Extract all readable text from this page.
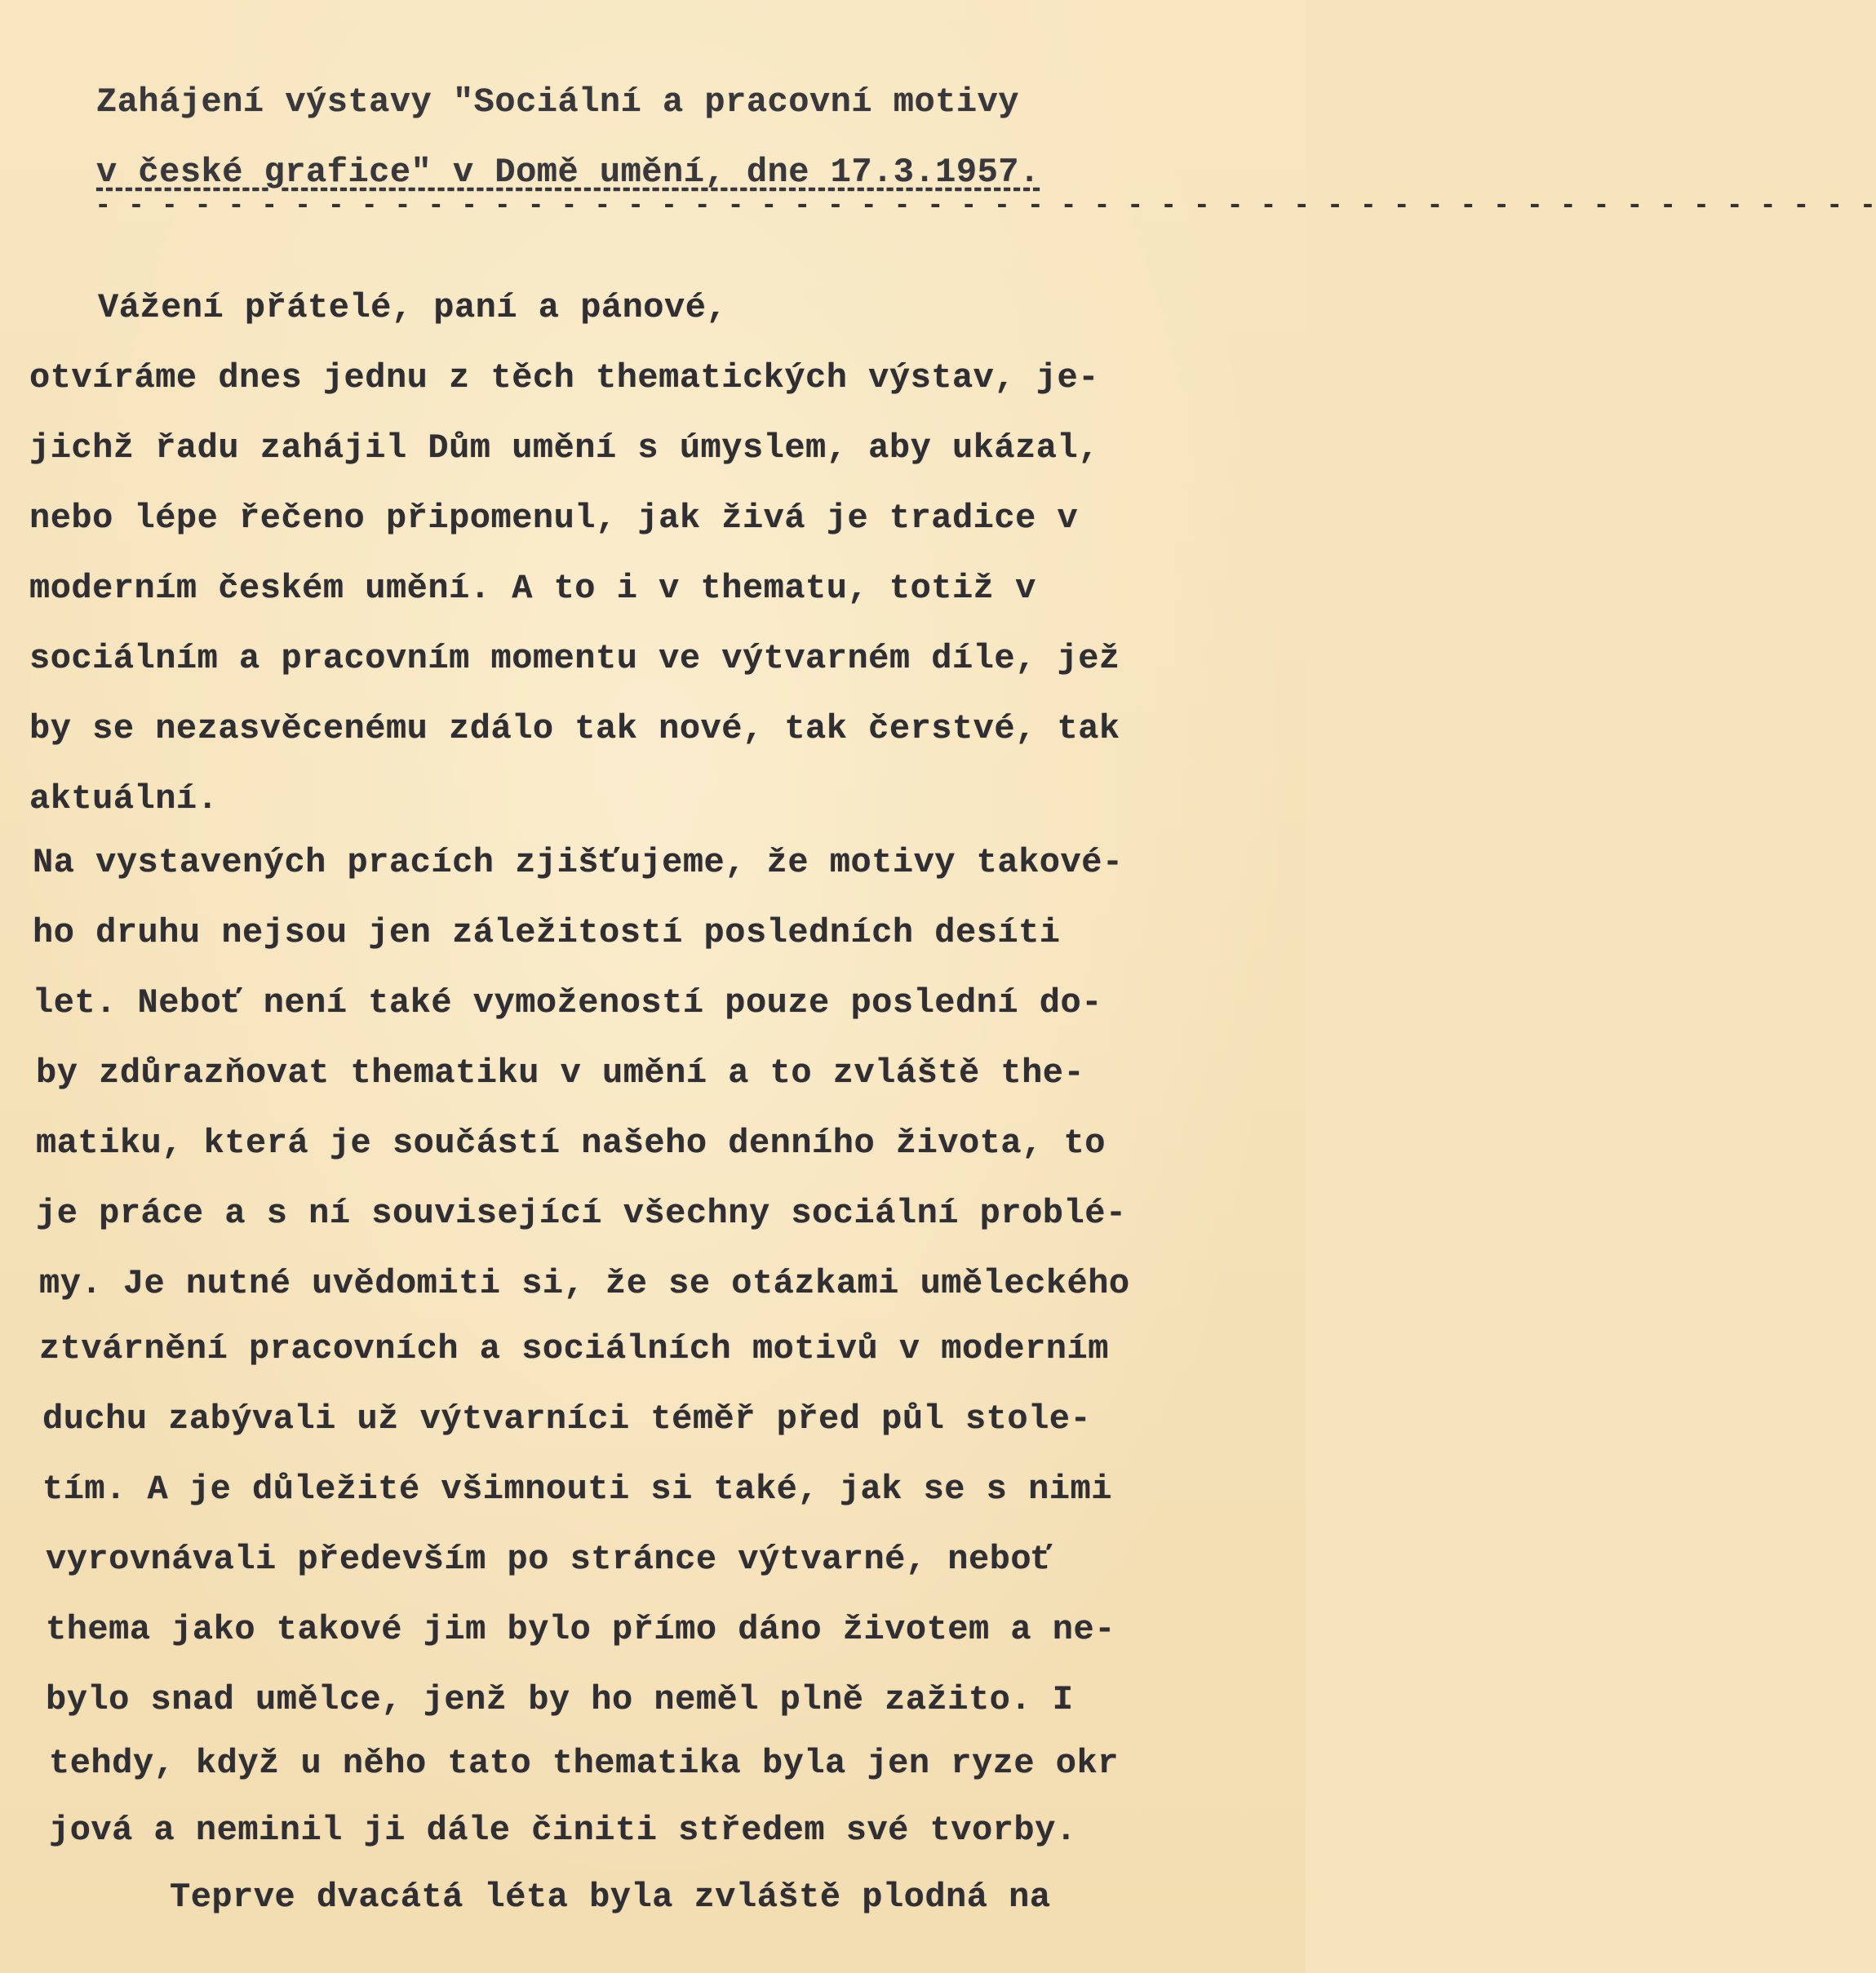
Zahájení výstavy "Sociální a pracovní motivy
v české grafice" v Domě umění, dne 17.3.1957.
- - - - - - - - - - - - - - - - - - - - - - - - - - - - - - - - - - - - - - - - - - - - - - - - - - - - - -
Vážení přátelé, paní a pánové,
otvíráme dnes jednu z těch thematických výstav, je-
jichž řadu zahájil Dům umění s úmyslem, aby ukázal,
nebo lépe řečeno připomenul, jak živá je tradice v
moderním českém umění. A to i v thematu, totiž v
sociálním a pracovním momentu ve výtvarném díle, jež
by se nezasvěcenému zdálo tak nové, tak čerstvé, tak
aktuální.
Na vystavených pracích zjišťujeme, že motivy takové-
ho druhu nejsou jen záležitostí posledních desíti
let. Neboť není také vymožeností pouze poslední do-
by zdůrazňovat thematiku v umění a to zvláště the-
matiku, která je součástí našeho denního života, to
je práce a s ní související všechny sociální problé-
my. Je nutné uvědomiti si, že se otázkami uměleckého
ztvárnění pracovních a sociálních motivů v moderním
duchu zabývali už výtvarníci téměř před půl stole-
tím. A je důležité všimnouti si také, jak se s nimi
vyrovnávali především po stránce výtvarné, neboť
thema jako takové jim bylo přímo dáno životem a ne-
bylo snad umělce, jenž by ho neměl plně zažito. I
tehdy, když u něho tato thematika byla jen ryze okr
jová a neminil ji dále činiti středem své tvorby.
Teprve dvacátá léta byla zvláště plodná na
